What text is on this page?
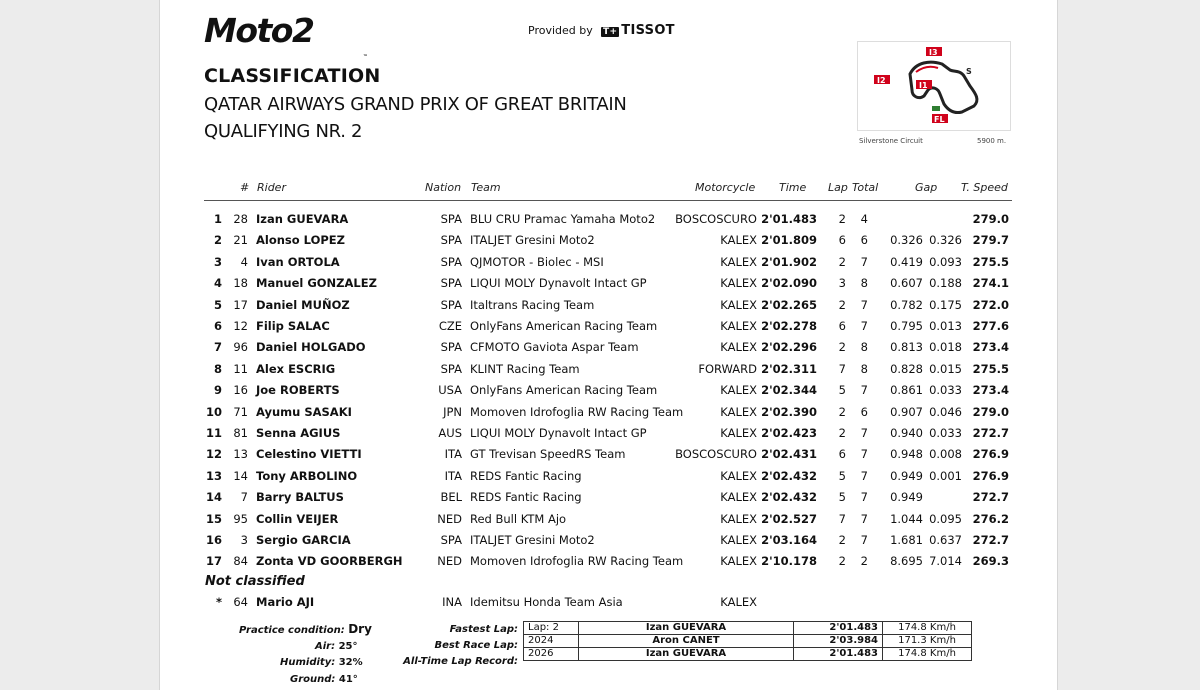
Moto2
™
Provided by T+ TISSOT
CLASSIFICATION
QATAR AIRWAYS GRAND PRIX OF GREAT BRITAIN
QUALIFYING NR. 2
I3
I2
I1
S
FL
Silverstone Circuit	5900 m.
# Rider	Nation Team	Motorcycle Time Lap Total	Gap T. Speed
1 28 Izan GUEVARA	SPA BLU CRU Pramac Yamaha Moto2 BOSCOSCURO 2'01.483 2 4	279.0
2 21 Alonso LOPEZ	SPA ITALJET Gresini Moto2	KALEX 2'01.809 6 6 0.326 0.326 279.7
3 4 Ivan ORTOLA	SPA QJMOTOR - Biolec - MSI	KALEX 2'01.902 2 7 0.419 0.093 275.5
4 18 Manuel GONZALEZ	SPA LIQUI MOLY Dynavolt Intact GP	KALEX 2'02.090 3 8 0.607 0.188 274.1
5 17 Daniel MUÑOZ	SPA Italtrans Racing Team	KALEX 2'02.265 2 7 0.782 0.175 272.0
6 12 Filip SALAC	CZE OnlyFans American Racing Team	KALEX 2'02.278 6 7 0.795 0.013 277.6
7 96 Daniel HOLGADO	SPA CFMOTO Gaviota Aspar Team	KALEX 2'02.296 2 8 0.813 0.018 273.4
8 11 Alex ESCRIG	SPA KLINT Racing Team	FORWARD 2'02.311 7 8 0.828 0.015 275.5
9 16 Joe ROBERTS	USA OnlyFans American Racing Team	KALEX 2'02.344 5 7 0.861 0.033 273.4
10 71 Ayumu SASAKI	JPN Momoven Idrofoglia RW Racing Team	KALEX 2'02.390 2 6 0.907 0.046 279.0
11 81 Senna AGIUS	AUS LIQUI MOLY Dynavolt Intact GP	KALEX 2'02.423 2 7 0.940 0.033 272.7
12 13 Celestino VIETTI	ITA GT Trevisan SpeedRS Team	BOSCOSCURO 2'02.431 6 7 0.948 0.008 276.9
13 14 Tony ARBOLINO	ITA REDS Fantic Racing	KALEX 2'02.432 5 7 0.949 0.001 276.9
14 7 Barry BALTUS	BEL REDS Fantic Racing	KALEX 2'02.432 5 7 0.949	272.7
15 95 Collin VEIJER	NED Red Bull KTM Ajo	KALEX 2'02.527 7 7 1.044 0.095 276.2
16 3 Sergio GARCIA	SPA ITALJET Gresini Moto2	KALEX 2'03.164 2 7 1.681 0.637 272.7
17 84 Zonta VD GOORBERGH	NED Momoven Idrofoglia RW Racing Team	KALEX 2'10.178 2 2 8.695 7.014 269.3
Not classified
* 64 Mario AJI	INA Idemitsu Honda Team Asia	KALEX
Practice condition: Dry
Air: 25°
Humidity: 32%
Ground: 41°
Fastest Lap:
Best Race Lap:
All-Time Lap Record:
Lap: 2	Izan GUEVARA	2'01.483	174.8 Km/h
2024	Aron CANET	2'03.984	171.3 Km/h
2026	Izan GUEVARA	2'01.483	174.8 Km/h
